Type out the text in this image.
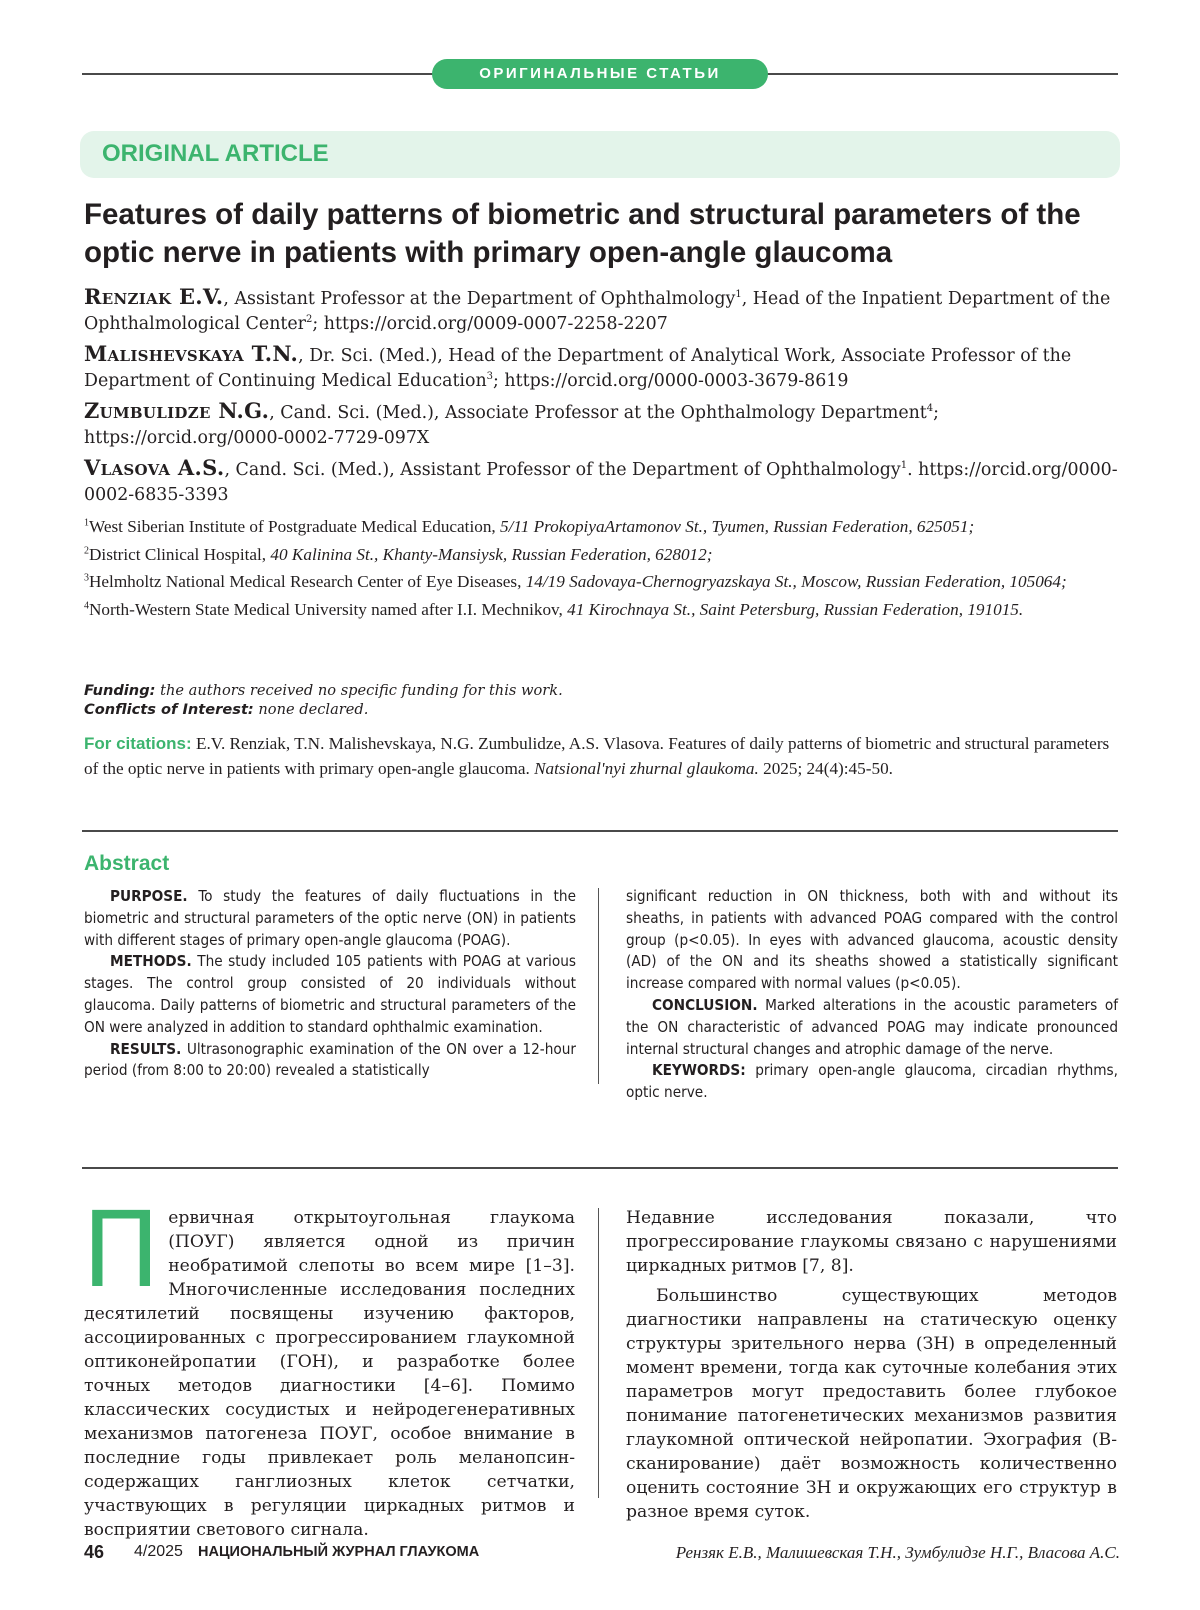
ОРИГИНАЛЬНЫЕ СТАТЬИ
ORIGINAL ARTICLE
Features of daily patterns of biometric and structural parameters of the optic nerve in patients with primary open-angle glaucoma

Renziak E.V., Assistant Professor at the Department of Ophthalmology1, Head of the Inpatient Department of the Ophthalmological Center2; https://orcid.org/0009-0007-2258-2207

Malishevskaya T.N., Dr. Sci. (Med.), Head of the Department of Analytical Work, Associate Professor of the Department of Continuing Medical Education3; https://orcid.org/0000-0003-3679-8619

Zumbulidze N.G., Cand. Sci. (Med.), Associate Professor at the Ophthalmology Department4; https://orcid.org/0000-0002-7729-097X

Vlasova A.S., Cand. Sci. (Med.), Assistant Professor of the Department of Ophthalmology1. https://orcid.org/0000-0002-6835-3393

1West Siberian Institute of Postgraduate Medical Education, 5/11 ProkopiyaArtamonov St., Tyumen, Russian Federation, 625051;

2District Clinical Hospital, 40 Kalinina St., Khanty-Mansiysk, Russian Federation, 628012;

3Helmholtz National Medical Research Center of Eye Diseases, 14/19 Sadovaya-Chernogryazskaya St., Moscow, Russian Federation, 105064;

4North-Western State Medical University named after I.I. Mechnikov, 41 Kirochnaya St., Saint Petersburg, Russian Federation, 191015.

Funding: the authors received no specific funding for this work.
Conflicts of Interest: none declared.
For citations: E.V. Renziak, T.N. Malishevskaya, N.G. Zumbulidze, A.S. Vlasova. Features of daily patterns of biometric and structural parameters of the optic nerve in patients with primary open-angle glaucoma. Natsional'nyi zhurnal glaukoma. 2025; 24(4):45-50.
Abstract

PURPOSE. To study the features of daily fluctuations in the biometric and structural parameters of the optic nerve (ON) in patients with different stages of primary open-angle glaucoma (POAG).

METHODS. The study included 105 patients with POAG at various stages. The control group consisted of 20 individuals without glaucoma. Daily patterns of biometric and structural parameters of the ON were analyzed in addition to standard ophthalmic examination.

RESULTS. Ultrasonographic examination of the ON over a 12-hour period (from 8:00 to 20:00) revealed a statistically

significant reduction in ON thickness, both with and without its sheaths, in patients with advanced POAG compared with the control group (p<0.05). In eyes with advanced glaucoma, acoustic density (AD) of the ON and its sheaths showed a statistically significant increase compared with normal values (p<0.05).

CONCLUSION. Marked alterations in the acoustic parameters of the ON characteristic of advanced POAG may indicate pronounced internal structural changes and atrophic damage of the nerve.

KEYWORDS: primary open-angle glaucoma, circadian rhythms, optic nerve.

П ервичная открытоугольная глаукома (ПОУГ) является одной из причин необратимой слепоты во всем мире [1–3]. Многочисленные исследования последних десятилетий посвящены изучению факторов, ассоциированных с прогрессированием глаукомной оптиконейропатии (ГОН), и разработке более точных методов диагностики [4–6]. Помимо классических сосудистых и нейродегенеративных механизмов патогенеза ПОУГ, особое внимание в последние годы привлекает роль меланопсин-содержащих ганглиозных клеток сетчатки, участвующих в регуляции циркадных ритмов и восприятии светового сигнала.

Недавние исследования показали, что прогрессирование глаукомы связано с нарушениями циркадных ритмов [7, 8].

Большинство существующих методов диагностики направлены на статическую оценку структуры зрительного нерва (ЗН) в определенный момент времени, тогда как суточные колебания этих параметров могут предоставить более глубокое понимание патогенетических механизмов развития глаукомной оптической нейропатии. Эхография (В-сканирование) даёт возможность количественно оценить состояние ЗН и окружающих его структур в разное время суток.

46 4/2025 НАЦИОНАЛЬНЫЙ ЖУРНАЛ ГЛАУКОМА	Рензяк Е.В., Малишевская Т.Н., Зумбулидзе Н.Г., Власова А.С.
